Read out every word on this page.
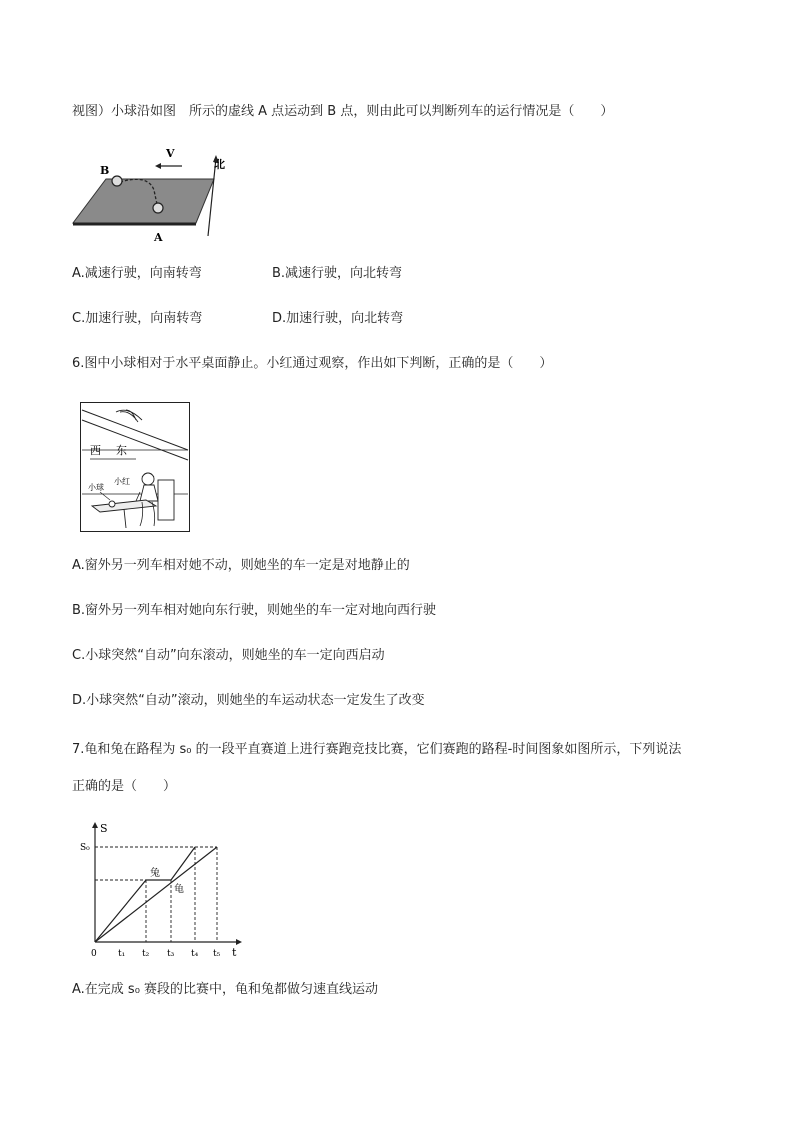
视图）小球沿如图　所示的虚线 A 点运动到 B 点，则由此可以判断列车的运行情况是（　　）
B
A
V
北
A.减速行驶，向南转弯	B.减速行驶，向北转弯
C.加速行驶，向南转弯	D.加速行驶，向北转弯
6.图中小球相对于水平桌面静止。小红通过观察，作出如下判断，正确的是（　　）
西 东
小球
小红
A.窗外另一列车相对她不动，则她坐的车一定是对地静止的
B.窗外另一列车相对她向东行驶，则她坐的车一定对地向西行驶
C.小球突然“自动”向东滚动，则她坐的车一定向西启动
D.小球突然“自动”滚动，则她坐的车运动状态一定发生了改变
7.龟和兔在路程为 s₀ 的一段平直赛道上进行赛跑竞技比赛，它们赛跑的路程-时间图象如图所示，下列说法
正确的是（　　）
t
S
0 t₁ t₂ t₃ t₄ t₅
S₀
兔
龟
A.在完成 s₀ 赛段的比赛中，龟和兔都做匀速直线运动
